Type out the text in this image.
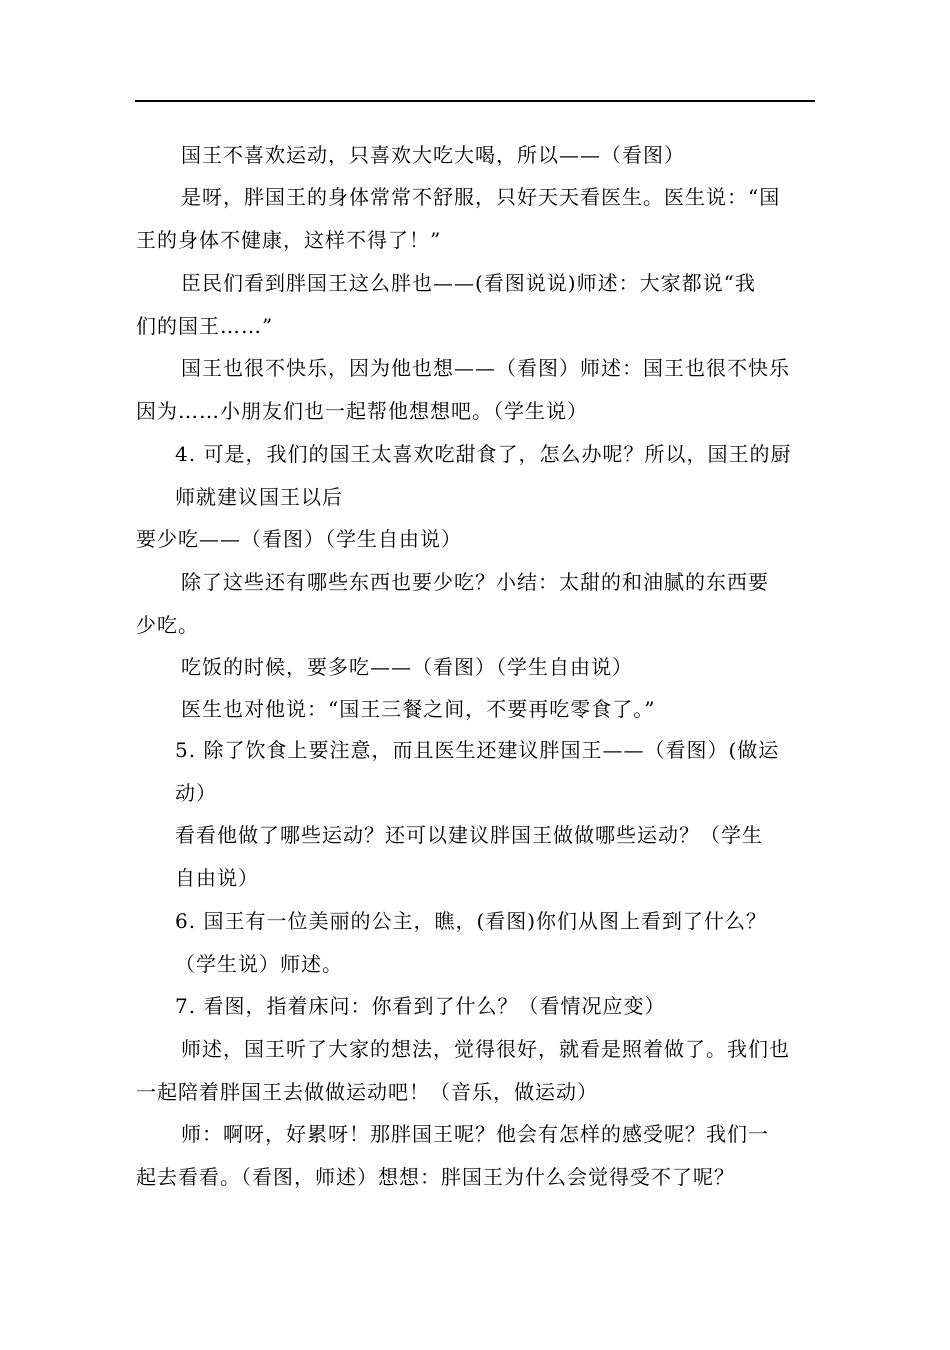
国王不喜欢运动，只喜欢大吃大喝，所以——（看图）
是呀，胖国王的身体常常不舒服，只好天天看医生。医生说：“国
王的身体不健康，这样不得了！”
臣民们看到胖国王这么胖也——(看图说说)师述：大家都说“我
们的国王……”
国王也很不快乐，因为他也想——（看图）师述：国王也很不快乐
因为……小朋友们也一起帮他想想吧。（学生说）
4. 可是，我们的国王太喜欢吃甜食了，怎么办呢？所以，国王的厨
师就建议国王以后
要少吃——（看图）（学生自由说）
除了这些还有哪些东西也要少吃？小结：太甜的和油腻的东西要
少吃。
吃饭的时候，要多吃——（看图）（学生自由说）
医生也对他说：“国王三餐之间，不要再吃零食了。”
5. 除了饮食上要注意，而且医生还建议胖国王——（看图）(做运
动）
看看他做了哪些运动？还可以建议胖国王做做哪些运动？（学生
自由说）
6. 国王有一位美丽的公主，瞧，(看图)你们从图上看到了什么？
（学生说）师述。
7. 看图，指着床问：你看到了什么？（看情况应变）
师述，国王听了大家的想法，觉得很好，就看是照着做了。我们也
一起陪着胖国王去做做运动吧！（音乐，做运动）
师：啊呀，好累呀！那胖国王呢？他会有怎样的感受呢？我们一
起去看看。（看图，师述）想想：胖国王为什么会觉得受不了呢？
